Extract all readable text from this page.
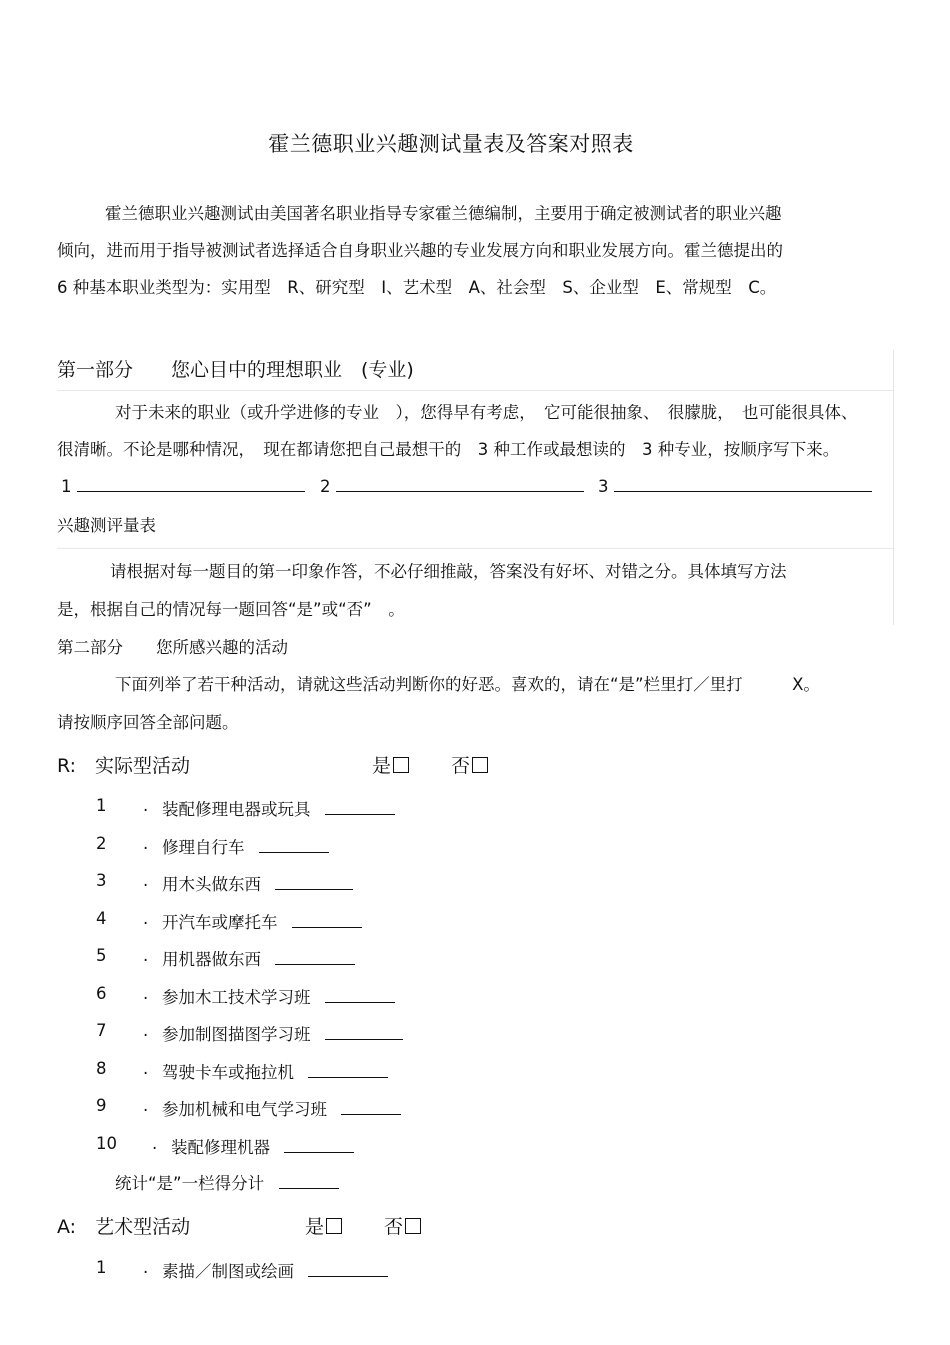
霍兰德职业兴趣测试量表及答案对照表
霍兰德职业兴趣测试由美国著名职业指导专家霍兰德编制，主要用于确定被测试者的职业兴趣
倾向，进而用于指导被测试者选择适合自身职业兴趣的专业发展方向和职业发展方向。霍兰德提出的
6 种基本职业类型为：实用型　R、研究型　I、艺术型　A、社会型　S、企业型　E、常规型　C。
第一部分　　您心目中的理想职业　(专业)
对于未来的职业（或升学进修的专业　），您得早有考虑，　它可能很抽象、　很朦胧，　也可能很具体、
很清晰。不论是哪种情况，　现在都请您把自己最想干的　3 种工作或最想读的　3 种专业，按顺序写下来。
1	2	3
兴趣测评量表
请根据对每一题目的第一印象作答，不必仔细推敲，答案没有好坏、对错之分。具体填写方法
是，根据自己的情况每一题回答“是”或“否”　。
第二部分　　您所感兴趣的活动
下面列举了若干种活动，请就这些活动判断你的好恶。喜欢的，请在“是”栏里打／里打　　　X。
请按顺序回答全部问题。
R:　实际型活动	是	否
1 . 装配修理电器或玩具
2 . 修理自行车
3 . 用木头做东西
4 . 开汽车或摩托车
5 . 用机器做东西
6 . 参加木工技术学习班
7 . 参加制图描图学习班
8 . 驾驶卡车或拖拉机
9 . 参加机械和电气学习班
10 . 装配修理机器
统计“是”一栏得分计
A:　艺术型活动	是	否
1 . 素描／制图或绘画
